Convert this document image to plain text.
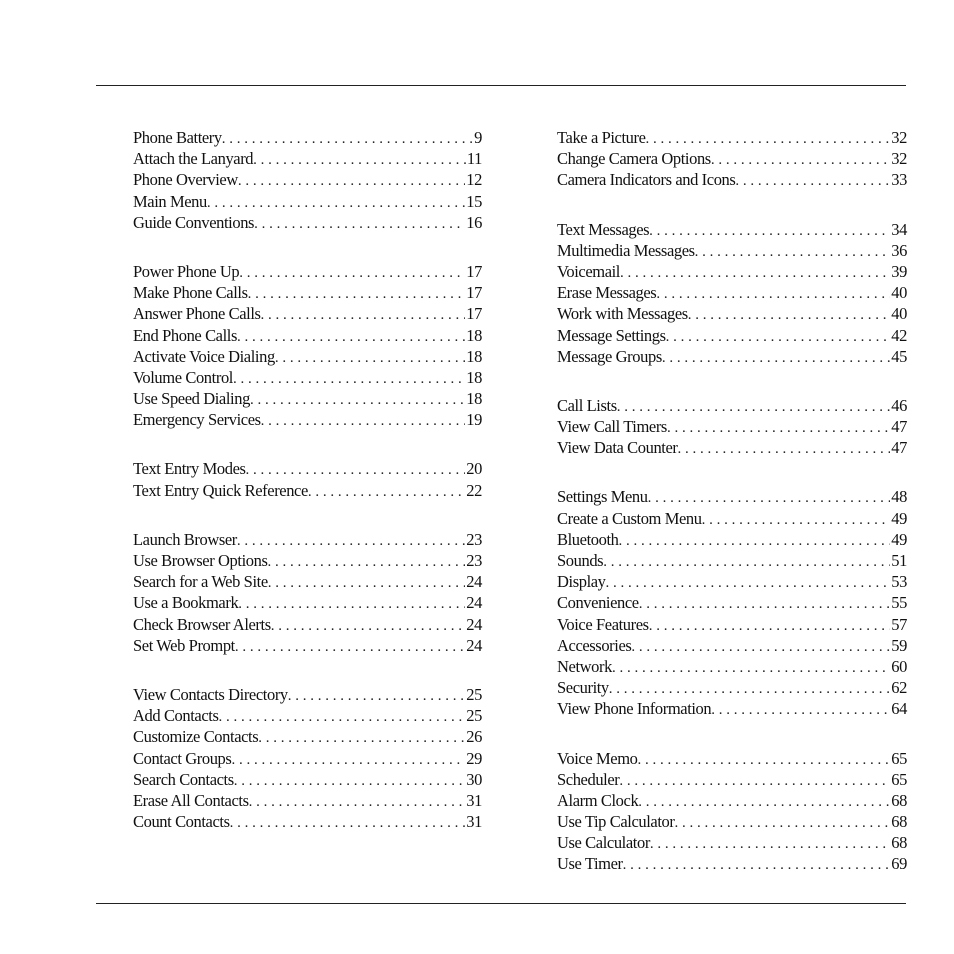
Phone Battery . . .	9
Attach the Lanyard . . .	11
Phone Overview . . .	12
Main Menu . . .	15
Guide Conventions . . .	16
Power Phone Up . . .	17
Make Phone Calls . . .	17
Answer Phone Calls . . .	17
End Phone Calls . . .	18
Activate Voice Dialing . . .	18
Volume Control . . .	18
Use Speed Dialing . . .	18
Emergency Services . . .	19
Text Entry Modes . . .	20
Text Entry Quick Reference . . .	22
Launch Browser . . .	23
Use Browser Options . . .	23
Search for a Web Site . . .	24
Use a Bookmark . . .	24
Check Browser Alerts . . .	24
Set Web Prompt . . .	24
View Contacts Directory . . .	25
Add Contacts . . .	25
Customize Contacts . . .	26
Contact Groups . . .	29
Search Contacts . . .	30
Erase All Contacts . . .	31
Count Contacts . . .	31
Take a Picture . . .	32
Change Camera Options . . .	32
Camera Indicators and Icons . . .	33
Text Messages . . .	34
Multimedia Messages . . .	36
Voicemail . . .	39
Erase Messages . . .	40
Work with Messages . . .	40
Message Settings . . .	42
Message Groups . . .	45
Call Lists . . .	46
View Call Timers . . .	47
View Data Counter . . .	47
Settings Menu . . .	48
Create a Custom Menu . . .	49
Bluetooth . . .	49
Sounds . . .	51
Display . . .	53
Convenience . . .	55
Voice Features . . .	57
Accessories . . .	59
Network . . .	60
Security . . .	62
View Phone Information . . .	64
Voice Memo . . .	65
Scheduler . . .	65
Alarm Clock . . .	68
Use Tip Calculator . . .	68
Use Calculator . . .	68
Use Timer . . .	69
